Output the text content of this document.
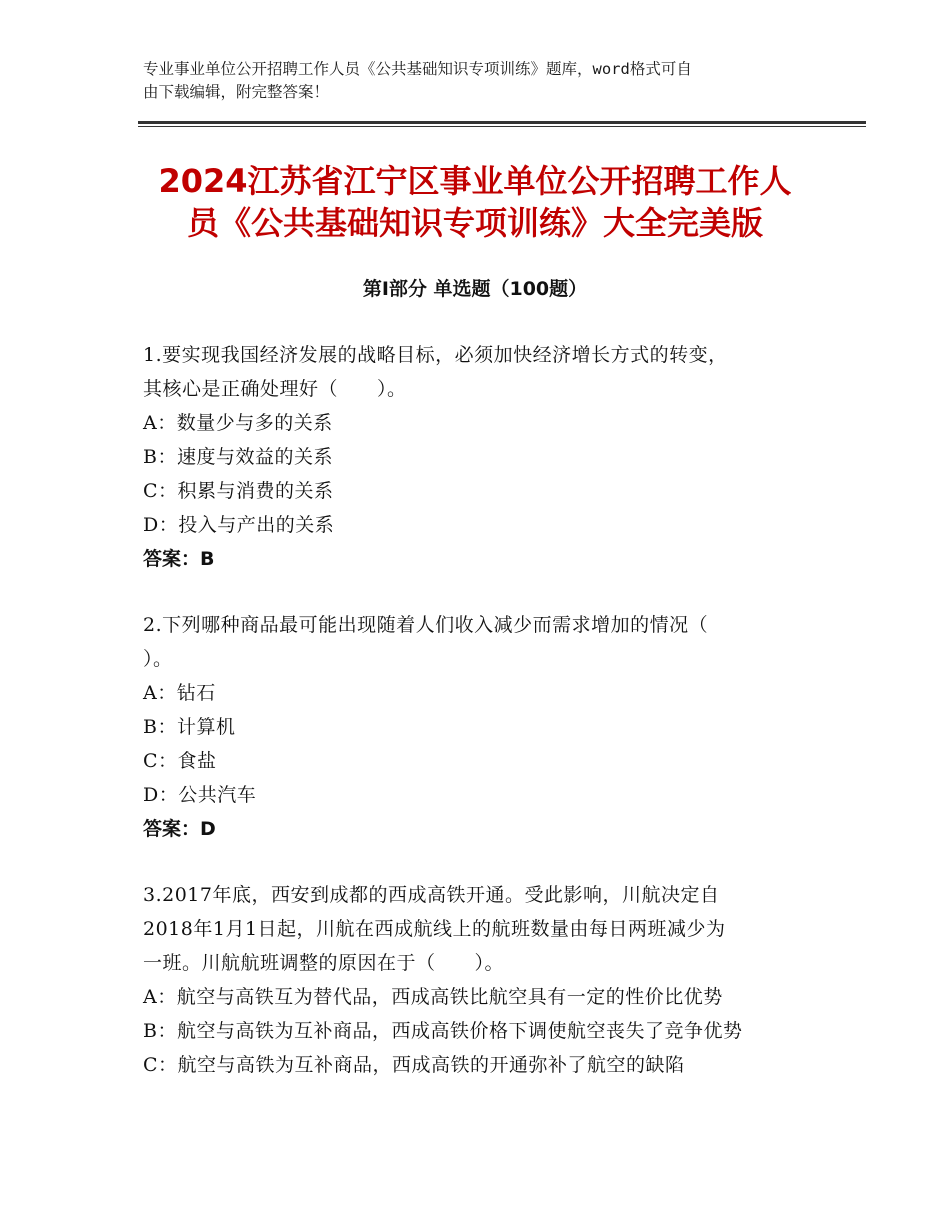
专业事业单位公开招聘工作人员《公共基础知识专项训练》题库，word格式可自
由下载编辑，附完整答案！
2024江苏省江宁区事业单位公开招聘工作人
员《公共基础知识专项训练》大全完美版
第Ⅰ部分 单选题（100题）
1.要实现我国经济发展的战略目标，必须加快经济增长方式的转变，
其核心是正确处理好（　　）。
A：数量少与多的关系
B：速度与效益的关系
C：积累与消费的关系
D：投入与产出的关系
答案：B
2.下列哪种商品最可能出现随着人们收入减少而需求增加的情况（
）。
A：钻石
B：计算机
C：食盐
D：公共汽车
答案：D
3.2017年底，西安到成都的西成高铁开通。受此影响，川航决定自
2018年1月1日起，川航在西成航线上的航班数量由每日两班减少为
一班。川航航班调整的原因在于（　　）。
A：航空与高铁互为替代品，西成高铁比航空具有一定的性价比优势
B：航空与高铁为互补商品，西成高铁价格下调使航空丧失了竞争优势
C：航空与高铁为互补商品，西成高铁的开通弥补了航空的缺陷
